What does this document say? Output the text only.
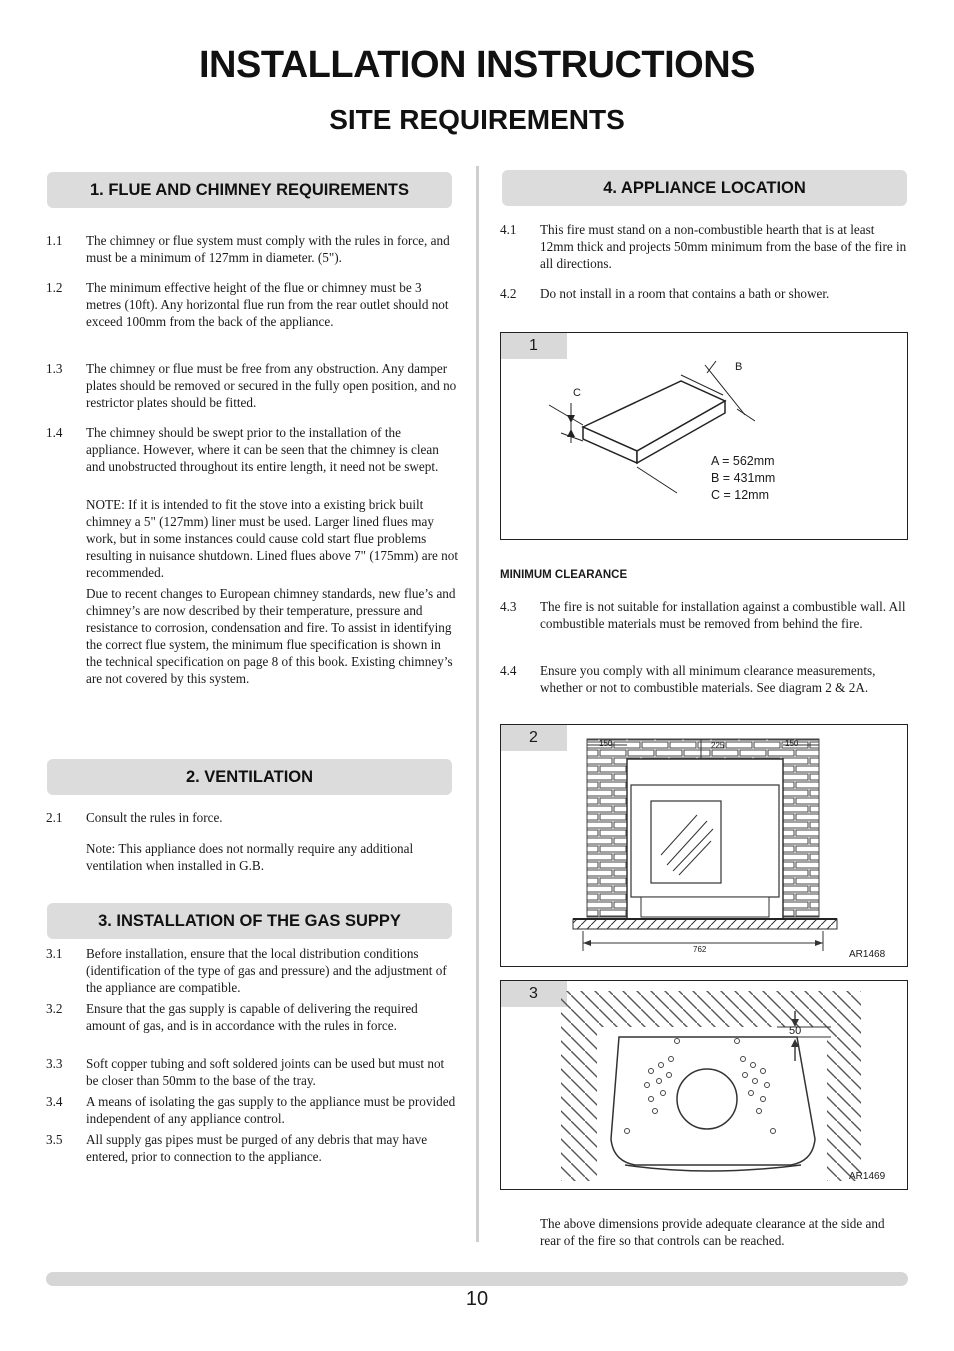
INSTALLATION INSTRUCTIONS
SITE REQUIREMENTS
1. FLUE AND CHIMNEY REQUIREMENTS
1.1	The chimney or flue system must comply with the rules in force, and must be a minimum of 127mm in diameter. (5").
1.2	The minimum effective height of the flue or chimney must be 3 metres (10ft). Any horizontal flue run from the rear outlet should not exceed 100mm from the back of the appliance.
1.3	The chimney or flue must be free from any obstruction. Any damper plates should be removed or secured in the fully open position, and no restrictor plates should be fitted.
1.4	The chimney should be swept prior to the installation of the appliance. However, where it can be seen that the chimney is clean and unobstructed throughout its entire length, it need not be swept.
NOTE: If it is intended to fit the stove into a existing brick built chimney a 5" (127mm) liner must be used. Larger lined flues may work, but in some instances could cause cold start flue problems resulting in nuisance shutdown. Lined flues above 7" (175mm) are not recommended.
Due to recent changes to European chimney standards, new flue’s and chimney’s are now described by their temperature, pressure and resistance to corrosion, condensation and fire. To assist in identifying the correct flue system, the minimum flue specification is shown in the technical specification on page 8 of this book. Existing chimney’s are not covered by this system.
2. VENTILATION
2.1	Consult the rules in force.
Note: This appliance does not normally require any additional ventilation when installed in G.B.
3. INSTALLATION OF THE GAS SUPPY
3.1	Before installation, ensure that the local distribution conditions (identification of the type of gas and pressure) and the adjustment of the appliance are compatible.
3.2	Ensure that the gas supply is capable of delivering the required amount of gas, and is in accordance with the rules in force.
3.3	Soft copper tubing and soft soldered joints can be used but must not be closer than 50mm to the base of the tray.
3.4	A means of isolating the gas supply to the appliance must be provided independent of any appliance control.
3.5	All supply gas pipes must be purged of any debris that may have entered, prior to connection to the appliance.
4. APPLIANCE LOCATION
4.1	This fire must stand on a non-combustible hearth that is at least 12mm thick and projects 50mm minimum from the base of the fire in all directions.
4.2	Do not install in a room that contains a bath or shower.
1
B
C
A = 562mm
B = 431mm
C = 12mm
MINIMUM CLEARANCE
4.3	The fire is not suitable for installation against a combustible wall. All combustible materials must be removed from behind the fire.
4.4	Ensure you comply with all minimum clearance measurements, whether or not to combustible materials. See diagram 2 & 2A.
2	150	225	150
762	AR1468
3
50
AR1469
The above dimensions provide adequate clearance at the side and rear of the fire so that controls can be reached.
10
